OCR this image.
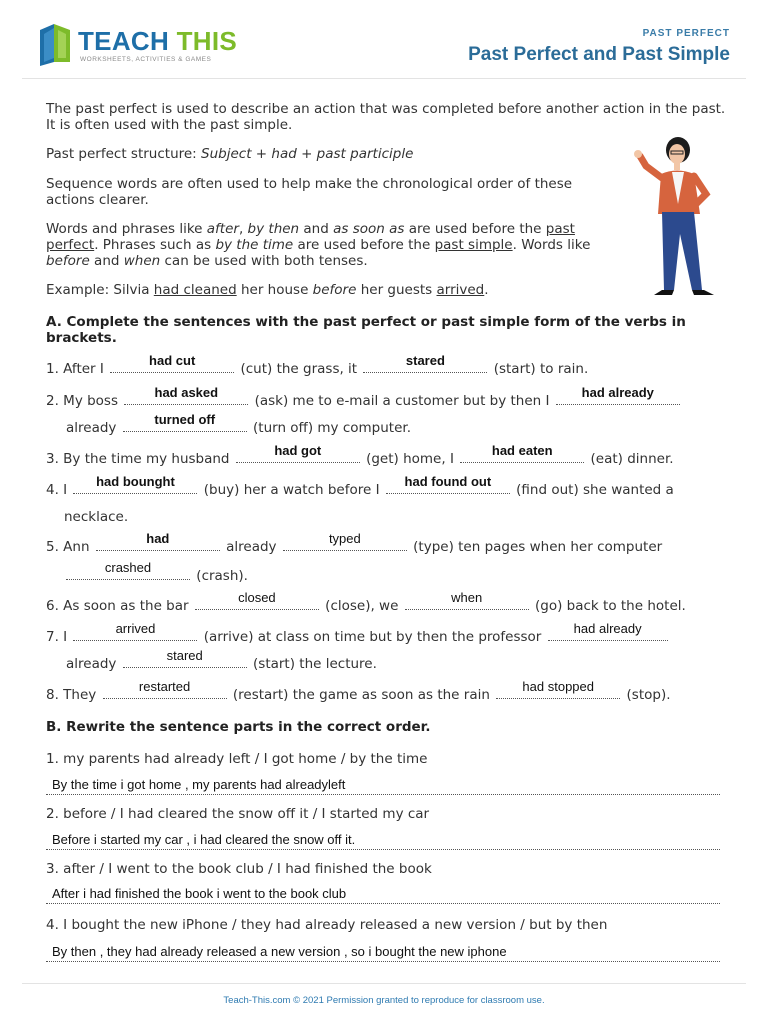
TEACH THIS
WORKSHEETS, ACTIVITIES & GAMES
PAST PERFECT
Past Perfect and Past Simple
The past perfect is used to describe an action that was completed before another action in the past. It is often used with the past simple.
Past perfect structure: Subject + had + past participle
Sequence words are often used to help make the chronological order of these actions clearer.
Words and phrases like after, by then and as soon as are used before the past perfect. Phrases such as by the time are used before the past simple. Words like before and when can be used with both tenses.
Example: Silvia had cleaned her house before her guests arrived.
A. Complete the sentences with the past perfect or past simple form of the verbs in brackets.
1. After I
had cut
(cut) the grass, it
stared
(start) to rain.
2. My boss
had asked
(ask) me to e-mail a customer but by then I
had already
already
turned off
(turn off) my computer.
3. By the time my husband
had got
(get) home, I
had eaten
(eat) dinner.
4. I
had bounght
(buy) her a watch before I
had found out
(find out) she wanted a
necklace.
5. Ann
had
already
typed
(type) ten pages when her computer
crashed
(crash).
6. As soon as the bar
closed
(close), we
when
(go) back to the hotel.
7. I
arrived
(arrive) at class on time but by then the professor
had already
already
stared
(start) the lecture.
8. They
restarted
(restart) the game as soon as the rain
had stopped
(stop).
B. Rewrite the sentence parts in the correct order.
1. my parents had already left / I got home / by the time
By the time i got home , my parents had alreadyleft
2. before / I had cleared the snow off it / I started my car
Before i started my car , i had cleared the snow off it.
3. after / I went to the book club / I had finished the book
After i had finished the book i went to the book club
4. I bought the new iPhone / they had already released a new version / but by then
By then , they had already released a new version , so i bought the new iphone
Teach-This.com © 2021 Permission granted to reproduce for classroom use.
